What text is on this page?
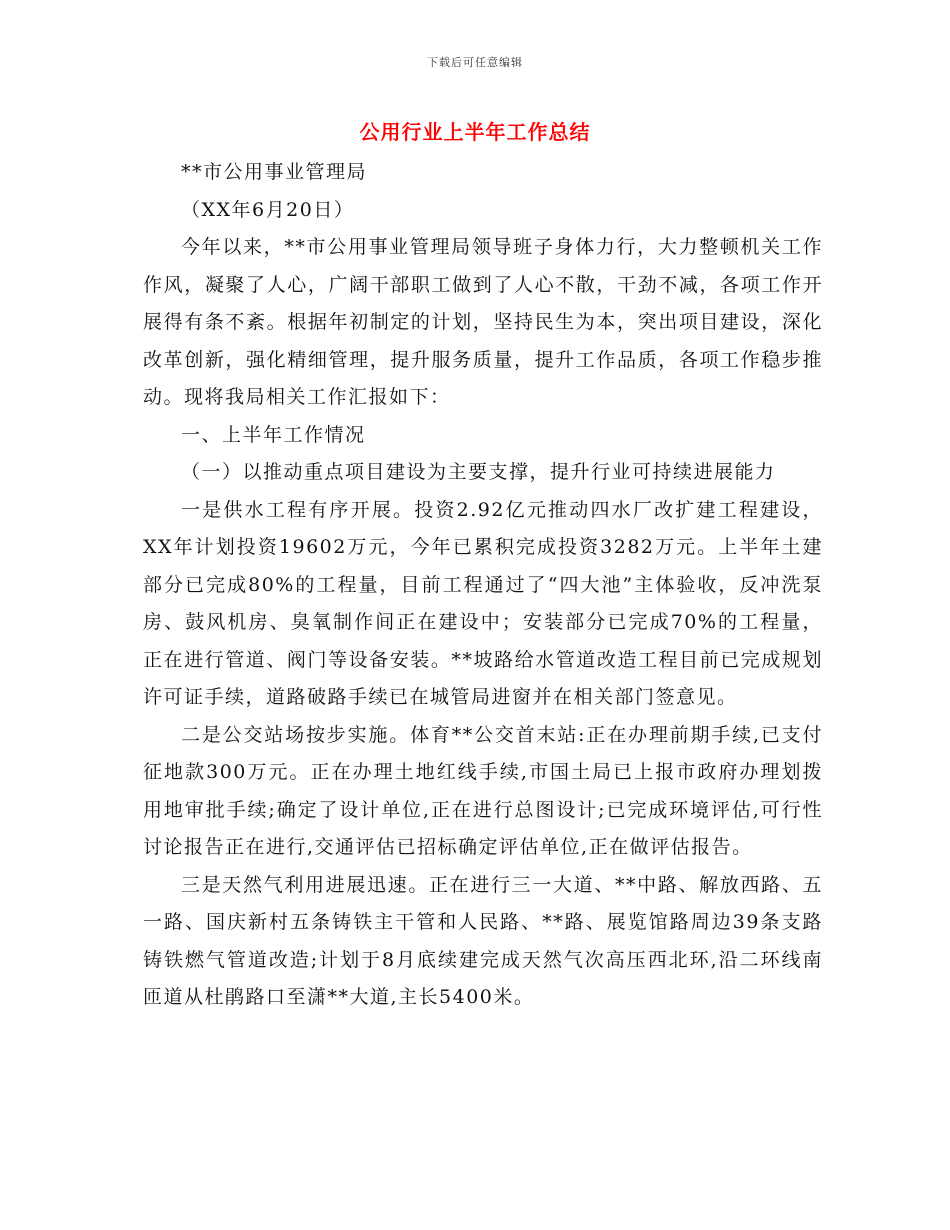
下载后可任意编辑
公用行业上半年工作总结

**市公用事业管理局

（XX年6月20日）

今年以来，**市公用事业管理局领导班子身体力行，大力整顿机关工作作风，凝聚了人心，广阔干部职工做到了人心不散，干劲不减，各项工作开展得有条不紊。根据年初制定的计划，坚持民生为本，突出项目建设，深化改革创新，强化精细管理，提升服务质量，提升工作品质，各项工作稳步推动。现将我局相关工作汇报如下：

一、上半年工作情况

（一）以推动重点项目建设为主要支撑，提升行业可持续进展能力

一是供水工程有序开展。投资2.92亿元推动四水厂改扩建工程建设，XX年计划投资19602万元，今年已累积完成投资3282万元。上半年土建部分已完成80%的工程量，目前工程通过了“四大池”主体验收，反冲洗泵房、鼓风机房、臭氧制作间正在建设中；安装部分已完成70%的工程量，正在进行管道、阀门等设备安装。**坡路给水管道改造工程目前已完成规划许可证手续，道路破路手续已在城管局进窗并在相关部门签意见。

二是公交站场按步实施。体育**公交首末站:正在办理前期手续,已支付征地款300万元。正在办理土地红线手续,市国土局已上报市政府办理划拨用地审批手续;确定了设计单位,正在进行总图设计;已完成环境评估,可行性讨论报告正在进行,交通评估已招标确定评估单位,正在做评估报告。

三是天然气利用进展迅速。正在进行三一大道、**中路、解放西路、五一路、国庆新村五条铸铁主干管和人民路、**路、展览馆路周边39条支路铸铁燃气管道改造;计划于8月底续建完成天然气次高压西北环,沿二环线南匝道从杜鹃路口至潇**大道,主长5400米。
